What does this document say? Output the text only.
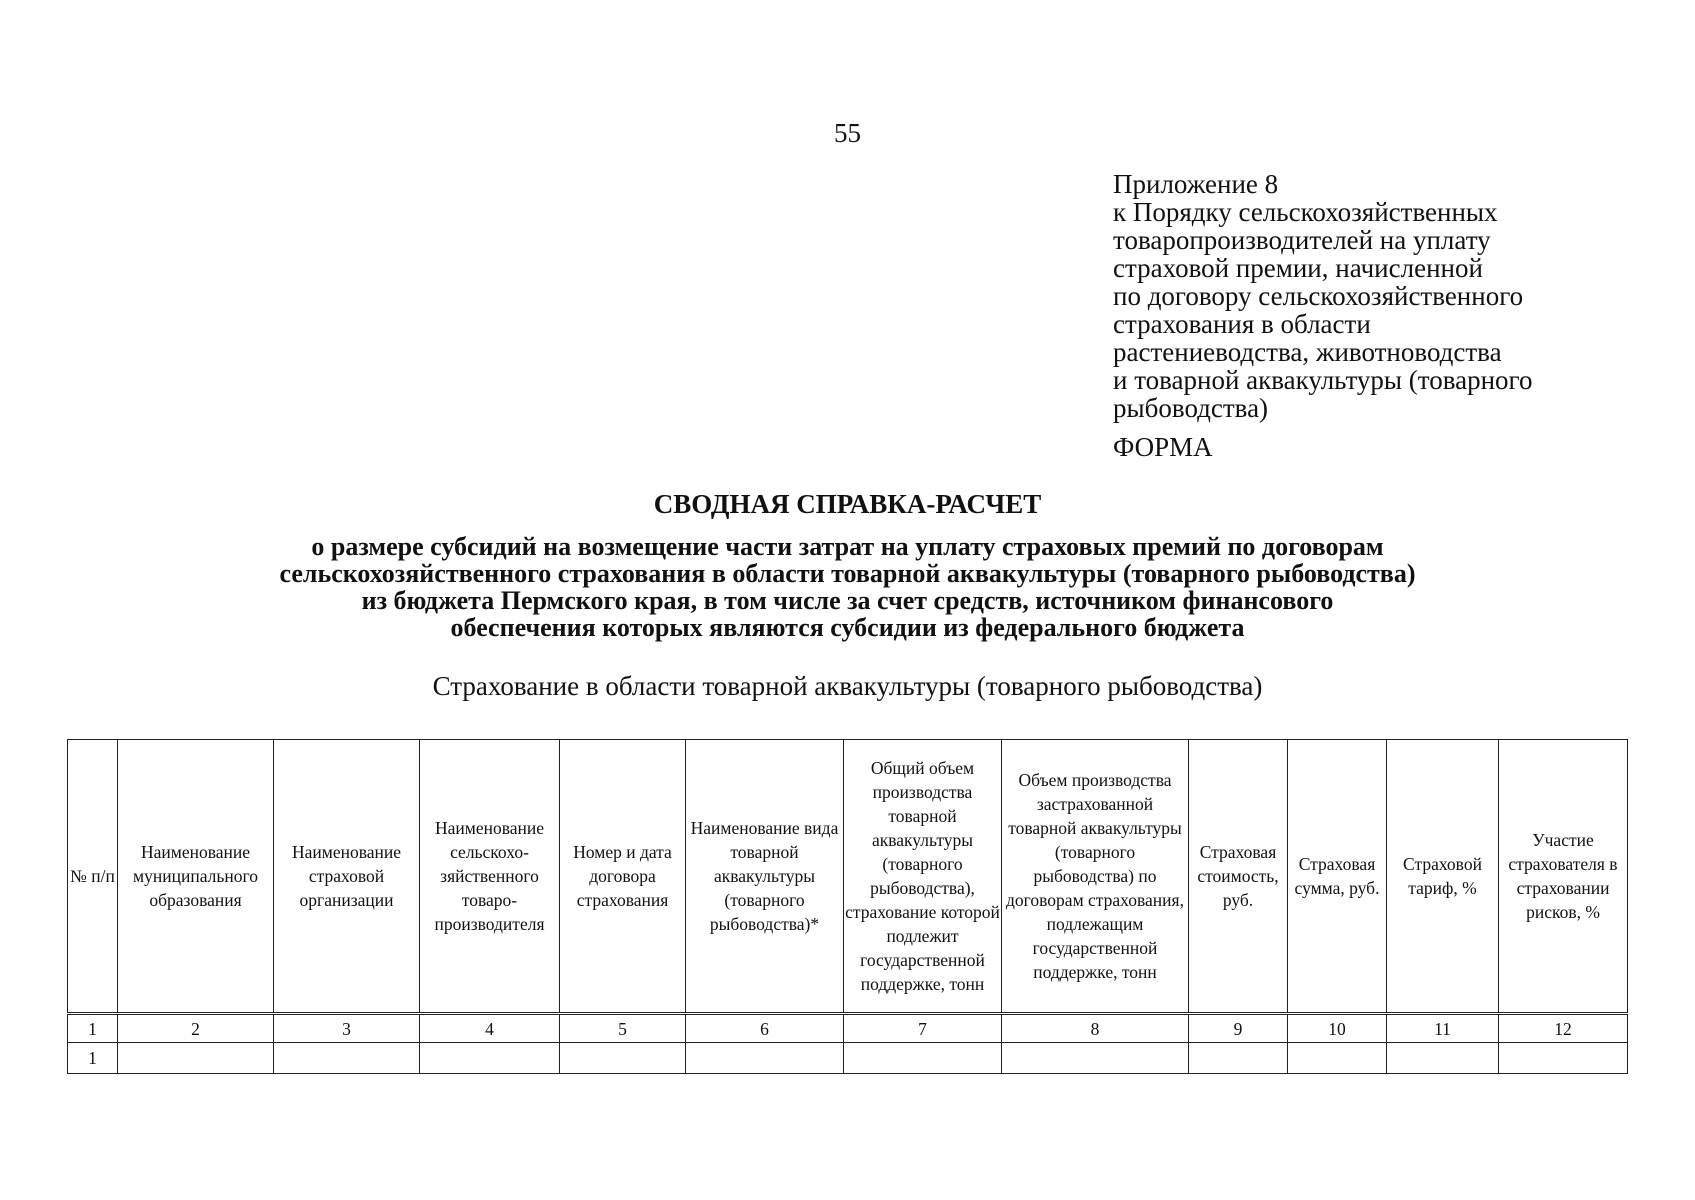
55
Приложение 8
к Порядку сельскохозяйственных
товаропроизводителей на уплату
страховой премии, начисленной
по договору сельскохозяйственного
страхования в области
растениеводства, животноводства
и товарной аквакультуры (товарного
рыбоводства)
ФОРМА
СВОДНАЯ СПРАВКА-РАСЧЕТ
о размере субсидий на возмещение части затрат на уплату страховых премий по договорам
сельскохозяйственного страхования в области товарной аквакультуры (товарного рыбоводства)
из бюджета Пермского края, в том числе за счет средств, источником финансового
обеспечения которых являются субсидии из федерального бюджета
Страхование в области товарной аквакультуры (товарного рыбоводства)
№ п/п	Наименование муниципального образования	Наименование страховой организации	Наименование сельскохо-зяйственного товаро-производителя	Номер и дата договора страхования	Наименование вида товарной аквакультуры (товарного рыбоводства)*	Общий объем производства товарной аквакультуры (товарного рыбоводства), страхование которой подлежит государственной поддержке, тонн	Объем производства застрахованной товарной аквакультуры (товарного рыбоводства) по договорам страхования, подлежащим государственной поддержке, тонн	Страховая стоимость, руб.	Страховая сумма, руб.	Страховой тариф, %	Участие страхователя в страховании рисков, %
1	2	3	4	5	6	7	8	9	10	11	12
1											
